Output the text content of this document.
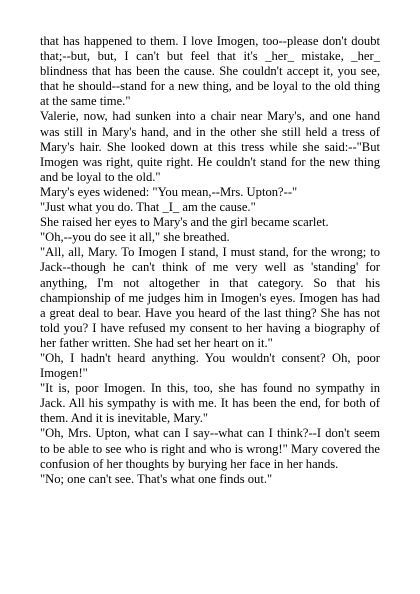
that has happened to them. I love Imogen, too--please don't doubt that;--but, but, I can't but feel that it's _her_ mistake, _her_ blindness that has been the cause. She couldn't accept it, you see, that he should--stand for a new thing, and be loyal to the old thing at the same time."

Valerie, now, had sunken into a chair near Mary's, and one hand was still in Mary's hand, and in the other she still held a tress of Mary's hair. She looked down at this tress while she said:--"But Imogen was right, quite right. He couldn't stand for the new thing and be loyal to the old."

Mary's eyes widened: "You mean,--Mrs. Upton?--"

"Just what you do. That _I_ am the cause."

She raised her eyes to Mary's and the girl became scarlet.

"Oh,--you do see it all," she breathed.

"All, all, Mary. To Imogen I stand, I must stand, for the wrong; to Jack--though he can't think of me very well as 'standing' for anything, I'm not altogether in that category. So that his championship of me judges him in Imogen's eyes. Imogen has had a great deal to bear. Have you heard of the last thing? She has not told you? I have refused my consent to her having a biography of her father written. She had set her heart on it."

"Oh, I hadn't heard anything. You wouldn't consent? Oh, poor Imogen!"

"It is, poor Imogen. In this, too, she has found no sympathy in Jack. All his sympathy is with me. It has been the end, for both of them. And it is inevitable, Mary."

"Oh, Mrs. Upton, what can I say--what can I think?--I don't seem to be able to see who is right and who is wrong!" Mary covered the confusion of her thoughts by burying her face in her hands.

"No; one can't see. That's what one finds out."
